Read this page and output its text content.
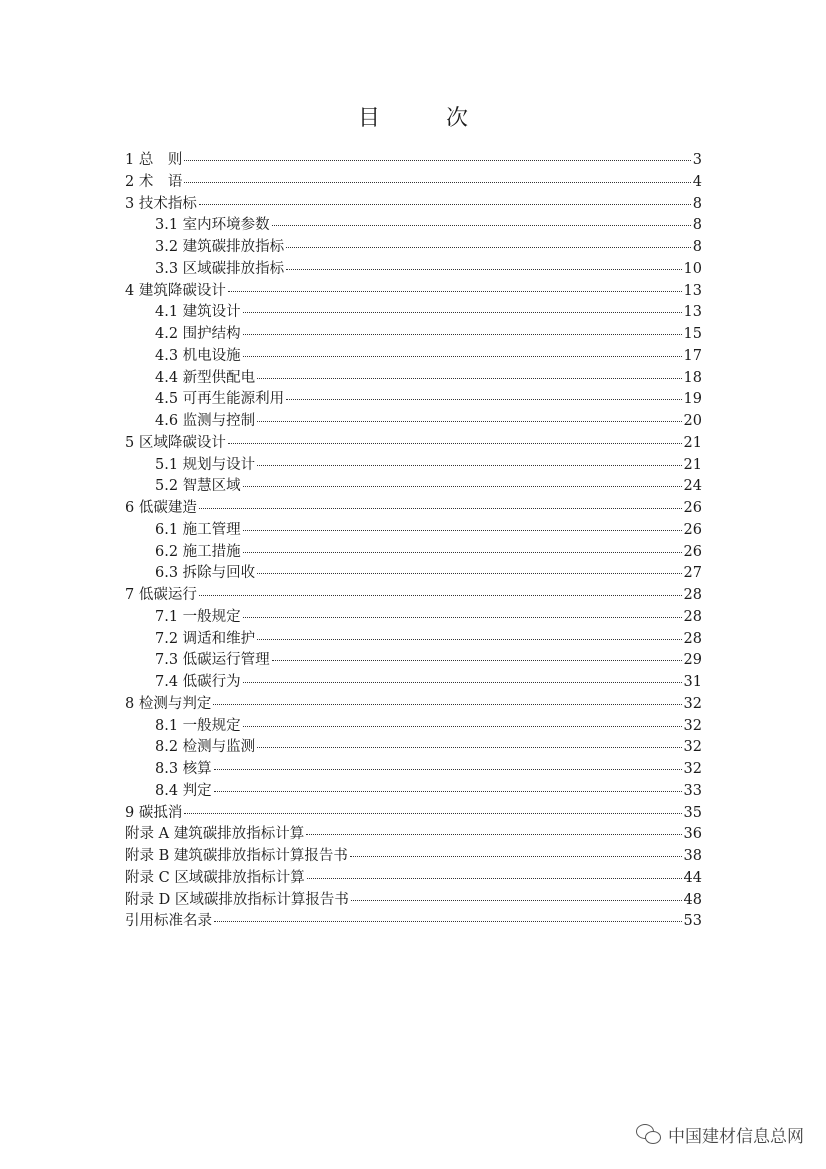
目　次
1 总　则	3
2 术　语	4
3 技术指标	8
3.1 室内环境参数	8
3.2 建筑碳排放指标	8
3.3 区域碳排放指标	10
4 建筑降碳设计	13
4.1 建筑设计	13
4.2 围护结构	15
4.3 机电设施	17
4.4 新型供配电	18
4.5 可再生能源利用	19
4.6 监测与控制	20
5 区域降碳设计	21
5.1 规划与设计	21
5.2 智慧区域	24
6 低碳建造	26
6.1 施工管理	26
6.2 施工措施	26
6.3 拆除与回收	27
7 低碳运行	28
7.1 一般规定	28
7.2 调适和维护	28
7.3 低碳运行管理	29
7.4 低碳行为	31
8 检测与判定	32
8.1 一般规定	32
8.2 检测与监测	32
8.3 核算	32
8.4 判定	33
9 碳抵消	35
附录 A 建筑碳排放指标计算	36
附录 B 建筑碳排放指标计算报告书	38
附录 C 区域碳排放指标计算	44
附录 D 区域碳排放指标计算报告书	48
引用标准名录	53
中国建材信息总网
